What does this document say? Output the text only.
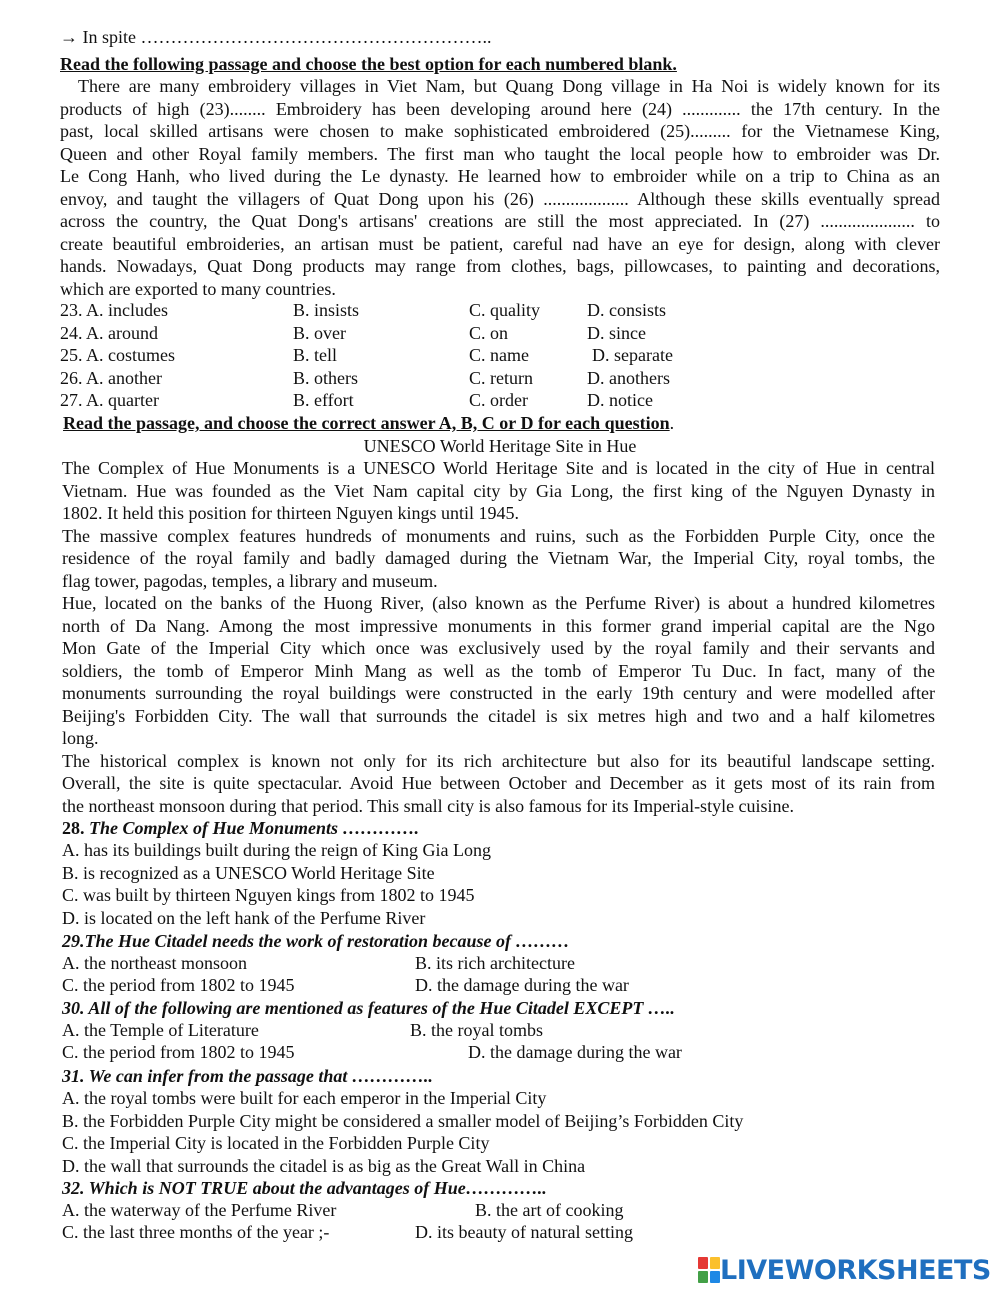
→ In spite …………………………………………………..
Read the following passage and choose the best option for each numbered blank.
There are many embroidery villages in Viet Nam, but Quang Dong village in Ha Noi is widely known for its
products of high (23)........ Embroidery has been developing around here (24) ............. the 17th century. In the
past, local skilled artisans were chosen to make sophisticated embroidered (25)......... for the Vietnamese King,
Queen and other Royal family members. The first man who taught the local people how to embroider was Dr.
Le Cong Hanh, who lived during the Le dynasty. He learned how to embroider while on a trip to China as an
envoy, and taught the villagers of Quat Dong upon his (26) ................... Although these skills eventually spread
across the country, the Quat Dong's artisans' creations are still the most appreciated. In (27) ..................... to
create beautiful embroideries, an artisan must be patient, careful nad have an eye for design, along with clever
hands. Nowadays, Quat Dong products may range from clothes, bags, pillowcases, to painting and decorations,
which are exported to many countries.
23. A. includes	B. insists	C. quality	D. consists
24. A. around	B. over	C. on	D. since
25. A. costumes	B. tell	C. name	D. separate
26. A. another	B. others	C. return	D. anothers
27. A. quarter	B. effort	C. order	D. notice
Read the passage, and choose the correct answer A, B, C or D for each question.
UNESCO World Heritage Site in Hue
The Complex of Hue Monuments is a UNESCO World Heritage Site and is located in the city of Hue in central
Vietnam. Hue was founded as the Viet Nam capital city by Gia Long, the first king of the Nguyen Dynasty in
1802. It held this position for thirteen Nguyen kings until 1945.
The massive complex features hundreds of monuments and ruins, such as the Forbidden Purple City, once the
residence of the royal family and badly damaged during the Vietnam War, the Imperial City, royal tombs, the
flag tower, pagodas, temples, a library and museum.
Hue, located on the banks of the Huong River, (also known as the Perfume River) is about a hundred kilometres
north of Da Nang. Among the most impressive monuments in this former grand imperial capital are the Ngo
Mon Gate of the Imperial City which once was exclusively used by the royal family and their servants and
soldiers, the tomb of Emperor Minh Mang as well as the tomb of Emperor Tu Duc. In fact, many of the
monuments surrounding the royal buildings were constructed in the early 19th century and were modelled after
Beijing's Forbidden City. The wall that surrounds the citadel is six metres high and two and a half kilometres
long.
The historical complex is known not only for its rich architecture but also for its beautiful landscape setting.
Overall, the site is quite spectacular. Avoid Hue between October and December as it gets most of its rain from
the northeast monsoon during that period. This small city is also famous for its Imperial-style cuisine.
28. The Complex of Hue Monuments ………….
A. has its buildings built during the reign of King Gia Long
B. is recognized as a UNESCO World Heritage Site
C. was built by thirteen Nguyen kings from 1802 to 1945
D. is located on the left hank of the Perfume River
29.The Hue Citadel needs the work of restoration because of ………
A. the northeast monsoon	B. its rich architecture
C. the period from 1802 to 1945	D. the damage during the war
30. All of the following are mentioned as features of the Hue Citadel EXCEPT …..
A. the Temple of Literature	B. the royal tombs
C. the period from 1802 to 1945	D. the damage during the war
31. We can infer from the passage that …………..
A. the royal tombs were built for each emperor in the Imperial City
B. the Forbidden Purple City might be considered a smaller model of Beijing’s Forbidden City
C. the Imperial City is located in the Forbidden Purple City
D. the wall that surrounds the citadel is as big as the Great Wall in China
32. Which is NOT TRUE about the advantages of Hue…………..
A. the waterway of the Perfume River	B. the art of cooking
C. the last three months of the year ;-	D. its beauty of natural setting
LIVEWORKSHEETS
